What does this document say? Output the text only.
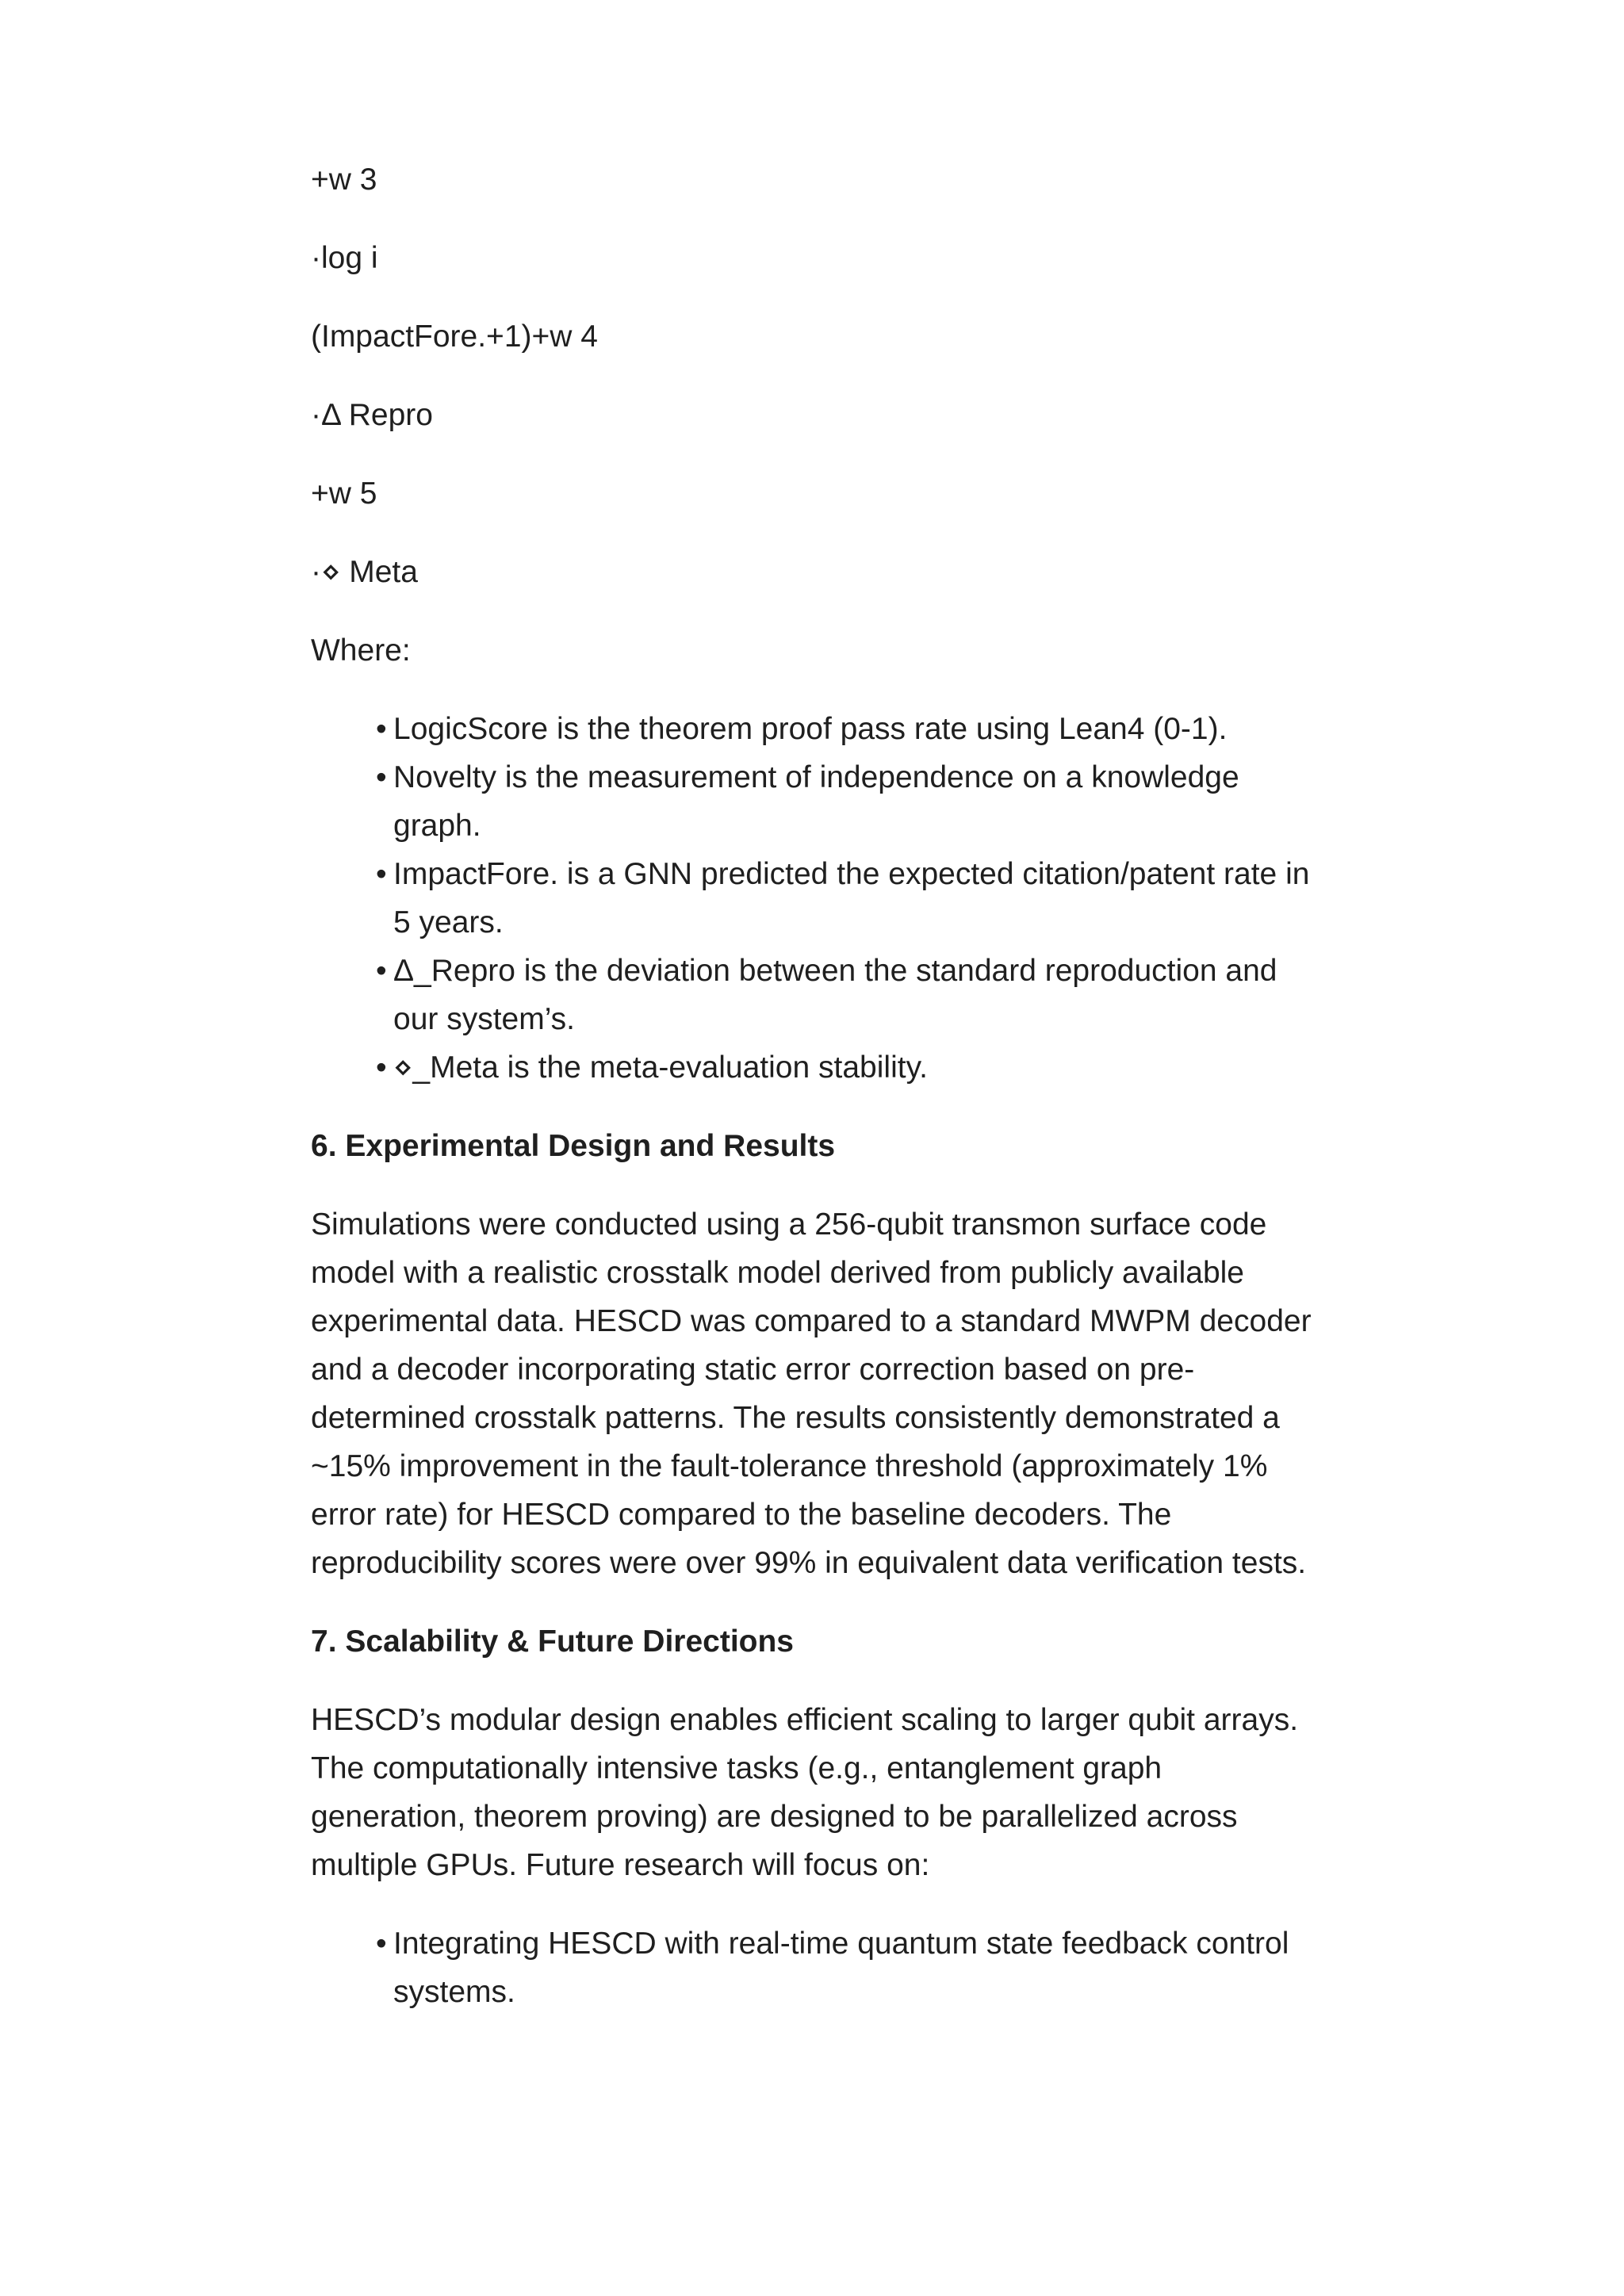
+w 3
·log i
(ImpactFore.+1)+w 4
·Δ Repro
+w 5
·⋄ Meta

Where:

• LogicScore is the theorem proof pass rate using Lean4 (0-1).
• Novelty is the measurement of independence on a knowledge graph.
• ImpactFore. is a GNN predicted the expected citation/patent rate in 5 years.
• Δ_Repro is the deviation between the standard reproduction and our system’s.
• ⋄_Meta is the meta-evaluation stability.
6. Experimental Design and Results

Simulations were conducted using a 256-qubit transmon surface code model with a realistic crosstalk model derived from publicly available experimental data. HESCD was compared to a standard MWPM decoder and a decoder incorporating static error correction based on pre-determined crosstalk patterns. The results consistently demonstrated a ~15% improvement in the fault-tolerance threshold (approximately 1% error rate) for HESCD compared to the baseline decoders. The reproducibility scores were over 99% in equivalent data verification tests.

7. Scalability & Future Directions

HESCD’s modular design enables efficient scaling to larger qubit arrays. The computationally intensive tasks (e.g., entanglement graph generation, theorem proving) are designed to be parallelized across multiple GPUs. Future research will focus on:

• Integrating HESCD with real-time quantum state feedback control systems.
